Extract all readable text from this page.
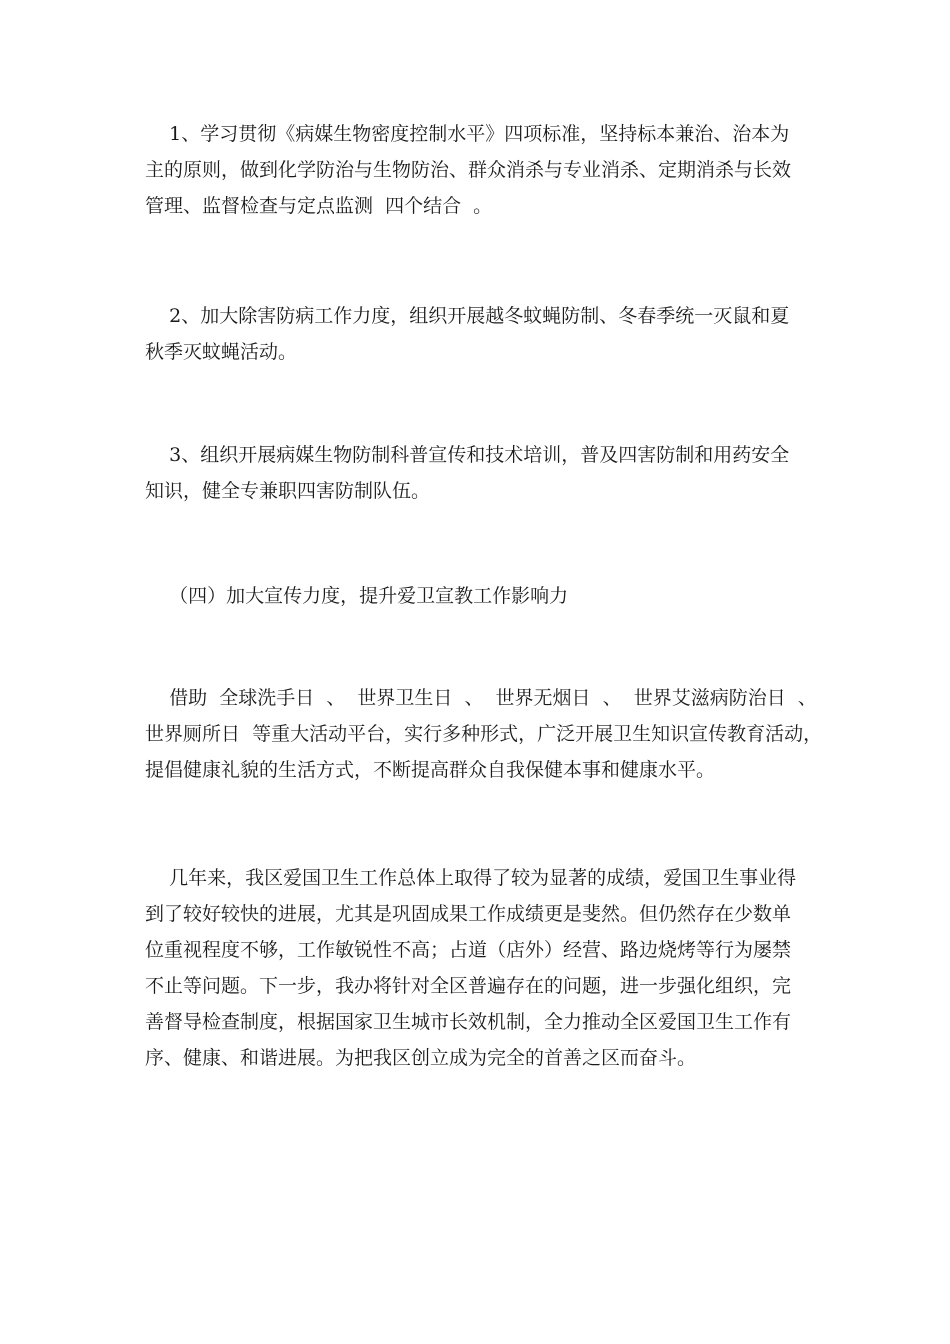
1、学习贯彻《病媒生物密度控制水平》四项标准，坚持标本兼治、治本为
主的原则，做到化学防治与生物防治、群众消杀与专业消杀、定期消杀与长效
管理、监督检查与定点监测  四个结合  。
2、加大除害防病工作力度，组织开展越冬蚊蝇防制、冬春季统一灭鼠和夏
秋季灭蚊蝇活动。
3、组织开展病媒生物防制科普宣传和技术培训，普及四害防制和用药安全
知识，健全专兼职四害防制队伍。
（四）加大宣传力度，提升爱卫宣教工作影响力
借助  全球洗手日  、  世界卫生日  、  世界无烟日  、  世界艾滋病防治日  、
世界厕所日  等重大活动平台，实行多种形式，广泛开展卫生知识宣传教育活动，
提倡健康礼貌的生活方式，不断提高群众自我保健本事和健康水平。
几年来，我区爱国卫生工作总体上取得了较为显著的成绩，爱国卫生事业得
到了较好较快的进展，尤其是巩固成果工作成绩更是斐然。但仍然存在少数单
位重视程度不够，工作敏锐性不高；占道（店外）经营、路边烧烤等行为屡禁
不止等问题。下一步，我办将针对全区普遍存在的问题，进一步强化组织，完
善督导检查制度，根据国家卫生城市长效机制，全力推动全区爱国卫生工作有
序、健康、和谐进展。为把我区创立成为完全的首善之区而奋斗。
